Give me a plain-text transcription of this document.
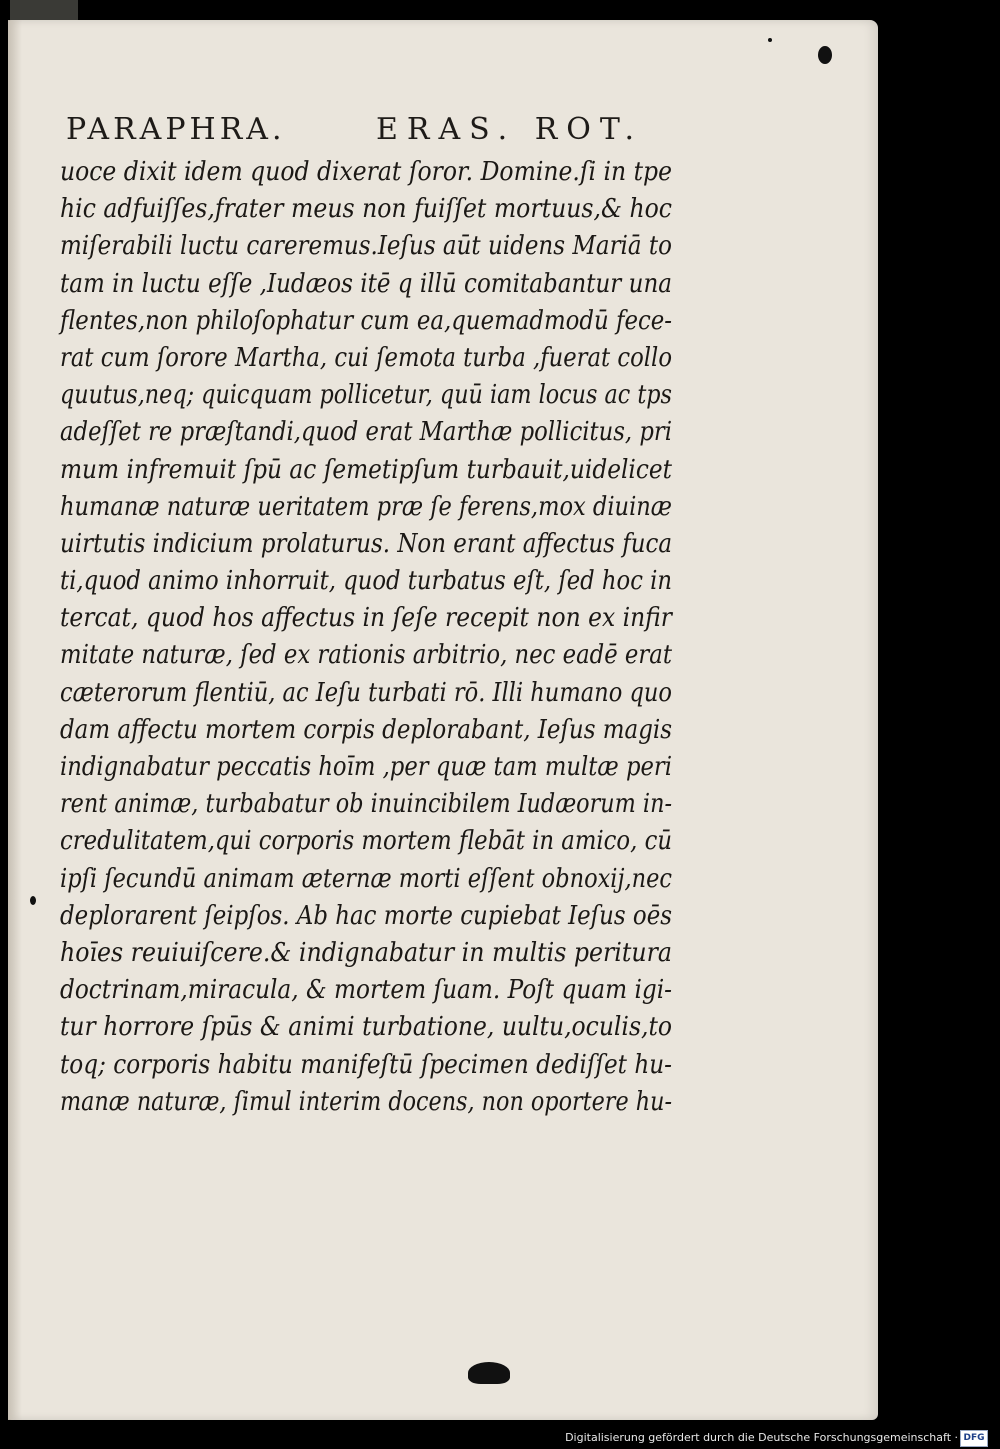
PARAPHRA.	ERAS. ROT.
uoce dixit idem quod dixerat ſoror. Domine.ſi in tpe
hic adfuiſſes,frater meus non fuiſſet mortuus,& hoc
miſerabili luctu careremus.Ieſus aūt uidens Mariā to
tam in luctu eſſe ,Iudæos itē q illū comitabantur una
flentes,non philoſophatur cum ea,quemadmodū fece-
rat cum ſorore Martha, cui ſemota turba ,fuerat collo
quutus,neq; quicquam pollicetur, quū iam locus ac tps
adeſſet re præſtandi,quod erat Marthæ pollicitus, pri
mum infremuit ſpū ac ſemetipſum turbauit,uidelicet
humanæ naturæ ueritatem præ ſe ferens,mox diuinæ
uirtutis indicium prolaturus. Non erant affectus fuca
ti,quod animo inhorruit, quod turbatus eſt, ſed hoc in
tercat, quod hos affectus in ſeſe recepit non ex infir
mitate naturæ, ſed ex rationis arbitrio, nec eadē erat
cæterorum flentiū, ac Ieſu turbati rō. Illi humano quo
dam affectu mortem corpis deplorabant, Ieſus magis
indignabatur peccatis hoīm ,per quæ tam multæ peri
rent animæ, turbabatur ob inuincibilem Iudæorum in-
credulitatem,qui corporis mortem flebāt in amico, cū
ipſi ſecundū animam æternæ morti eſſent obnoxij,nec
deplorarent ſeipſos. Ab hac morte cupiebat Ieſus oēs
hoīes reuiuiſcere.& indignabatur in multis peritura
doctrinam,miracula, & mortem ſuam. Poſt quam igi-
tur horrore ſpūs & animi turbatione, uultu,oculis,to
toq; corporis habitu manifeſtū ſpecimen dediſſet hu-
manæ naturæ, ſimul interim docens, non oportere hu-
Digitalisierung gefördert durch die Deutsche Forschungsgemeinschaft · DFG
